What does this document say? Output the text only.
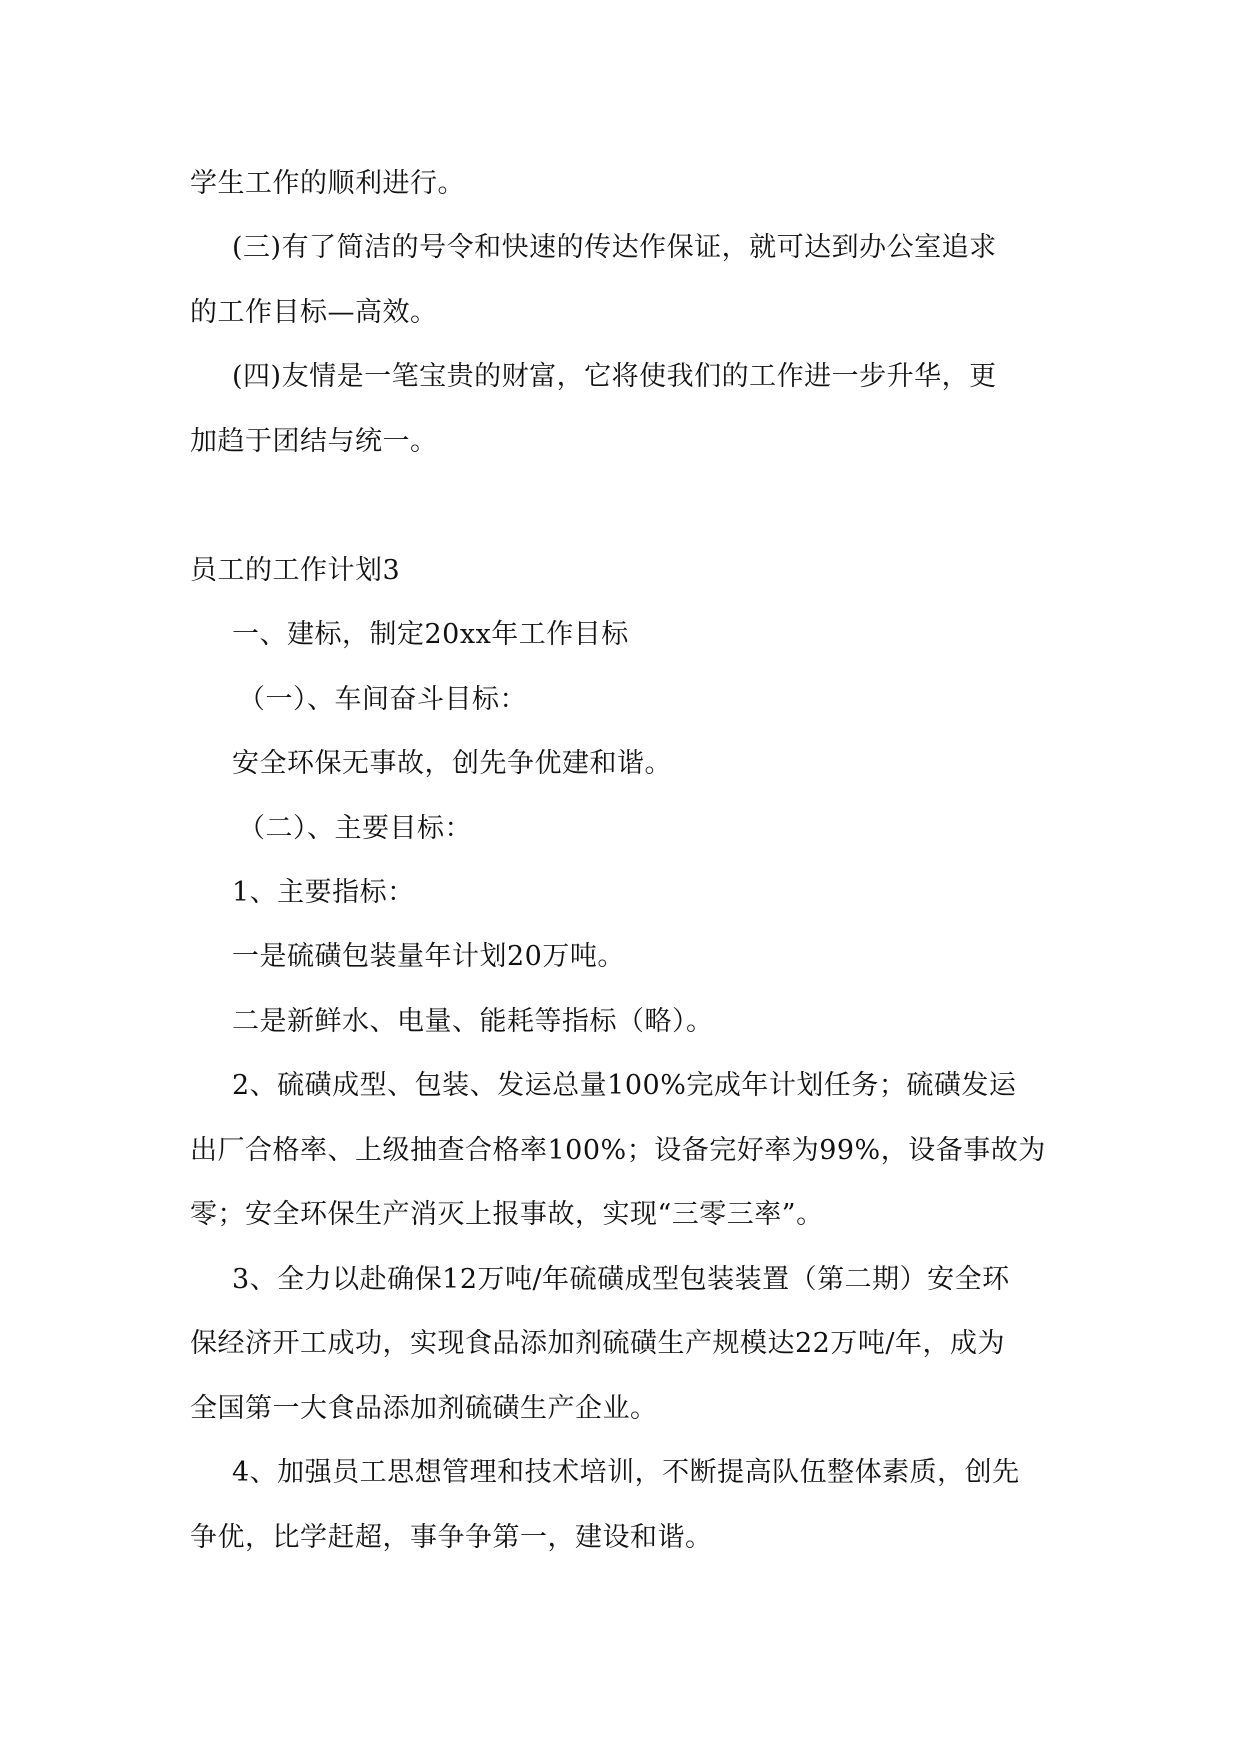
学生工作的顺利进行。
(三)有了简洁的号令和快速的传达作保证，就可达到办公室追求
的工作目标—高效。
(四)友情是一笔宝贵的财富，它将使我们的工作进一步升华，更
加趋于团结与统一。
员工的工作计划3
一、建标，制定20xx年工作目标
（一）、车间奋斗目标：
安全环保无事故，创先争优建和谐。
（二）、主要目标：
1、主要指标：
一是硫磺包装量年计划20万吨。
二是新鲜水、电量、能耗等指标（略）。
2、硫磺成型、包装、发运总量100%完成年计划任务；硫磺发运
出厂合格率、上级抽查合格率100%；设备完好率为99%，设备事故为
零；安全环保生产消灭上报事故，实现“三零三率”。
3、全力以赴确保12万吨/年硫磺成型包装装置（第二期）安全环
保经济开工成功，实现食品添加剂硫磺生产规模达22万吨/年，成为
全国第一大食品添加剂硫磺生产企业。
4、加强员工思想管理和技术培训，不断提高队伍整体素质，创先
争优，比学赶超，事争争第一，建设和谐。
